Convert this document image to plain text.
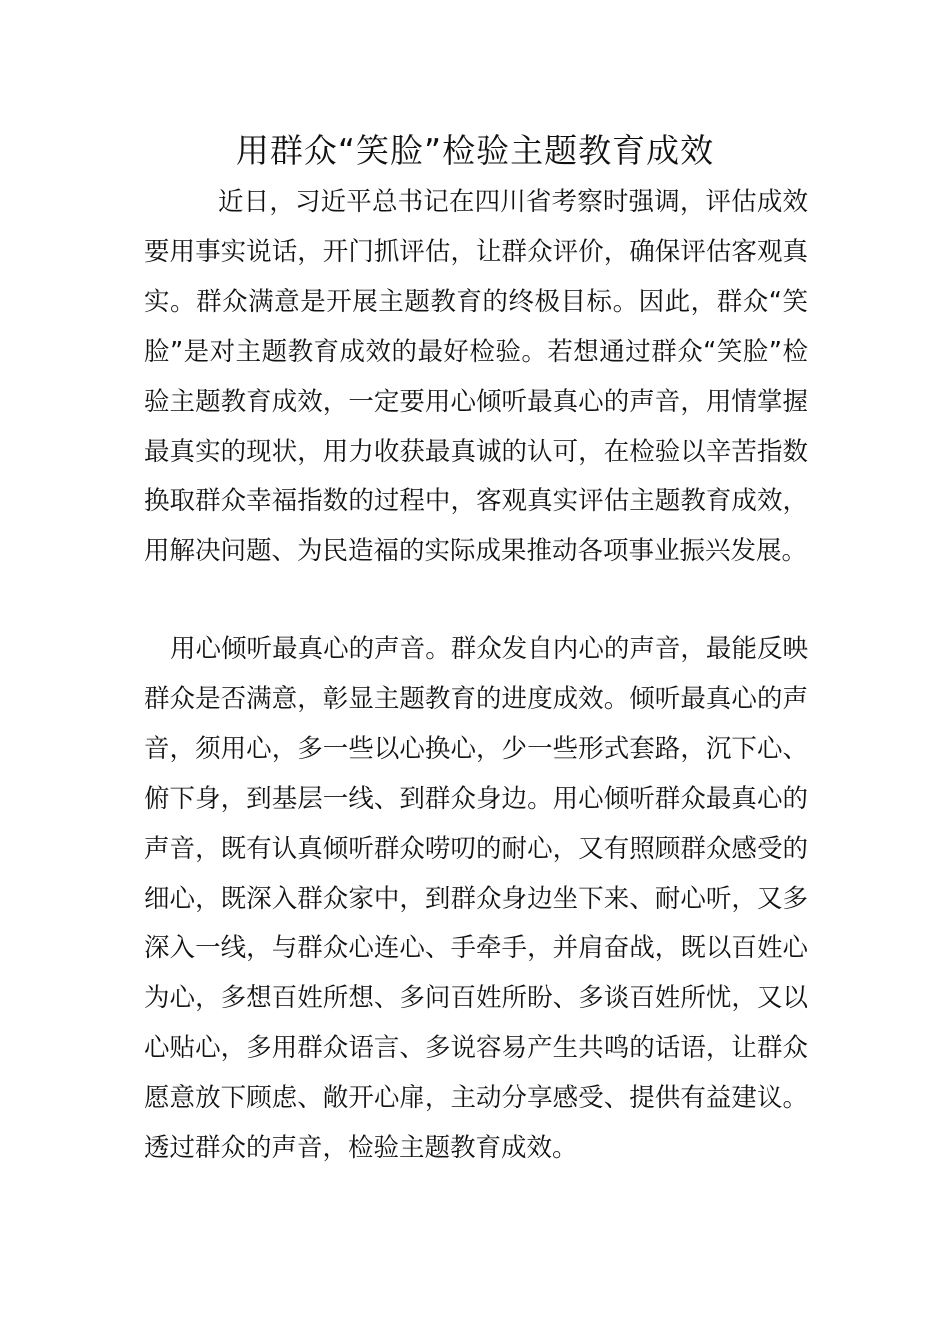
用群众“笑脸”检验主题教育成效

近日，习近平总书记在四川省考察时强调，评估成效要用事实说话，开门抓评估，让群众评价，确保评估客观真实。群众满意是开展主题教育的终极目标。因此，群众“笑脸”是对主题教育成效的最好检验。若想通过群众“笑脸”检验主题教育成效，一定要用心倾听最真心的声音，用情掌握最真实的现状，用力收获最真诚的认可，在检验以辛苦指数换取群众幸福指数的过程中，客观真实评估主题教育成效，用解决问题、为民造福的实际成果推动各项事业振兴发展。

用心倾听最真心的声音。群众发自内心的声音，最能反映群众是否满意，彰显主题教育的进度成效。倾听最真心的声音，须用心，多一些以心换心，少一些形式套路，沉下心、俯下身，到基层一线、到群众身边。用心倾听群众最真心的声音，既有认真倾听群众唠叨的耐心，又有照顾群众感受的细心，既深入群众家中，到群众身边坐下来、耐心听，又多深入一线，与群众心连心、手牵手，并肩奋战，既以百姓心为心，多想百姓所想、多问百姓所盼、多谈百姓所忧，又以心贴心，多用群众语言、多说容易产生共鸣的话语，让群众愿意放下顾虑、敞开心扉，主动分享感受、提供有益建议。透过群众的声音，检验主题教育成效。
